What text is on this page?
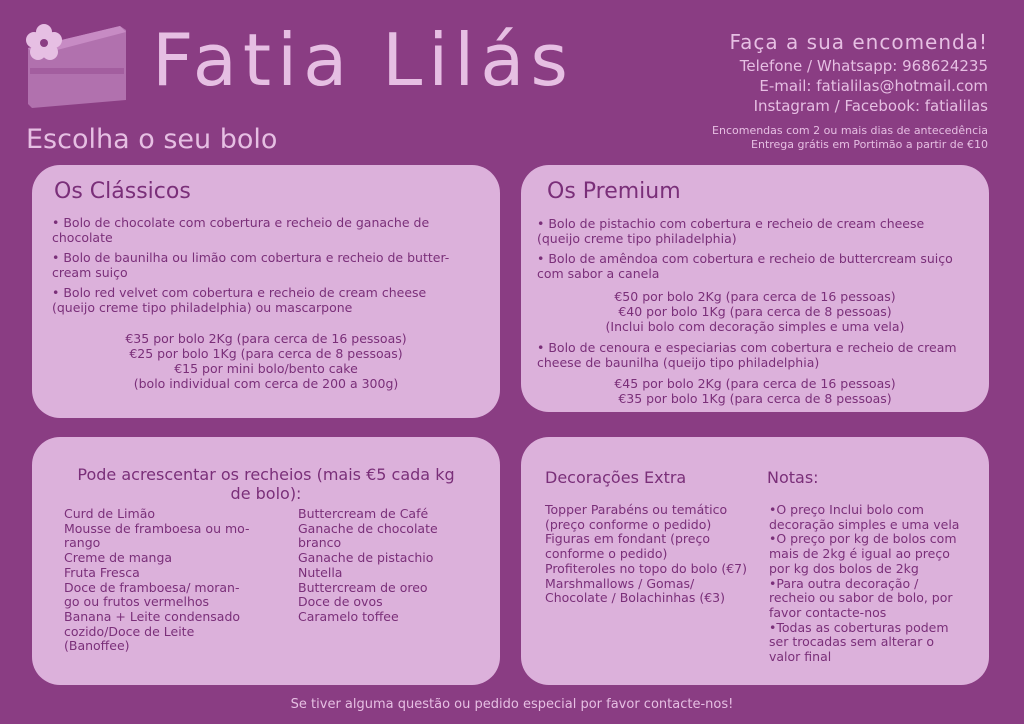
Fatia Lilás
Escolha o seu bolo
Faça a sua encomenda!
Telefone / Whatsapp: 968624235
E-mail: fatialilas@hotmail.com
Instagram / Facebook: fatialilas
Encomendas com 2 ou mais dias de antecedência
Entrega grátis em Portimão a partir de €10
Os Clássicos

• Bolo de chocolate com cobertura e recheio de ganache de chocolate

• Bolo de baunilha ou limão com cobertura e recheio de butter-cream suiço

• Bolo red velvet com cobertura e recheio de cream cheese (queijo creme tipo philadelphia) ou mascarpone

€35 por bolo 2Kg (para cerca de 16 pessoas)
€25 por bolo 1Kg (para cerca de 8 pessoas)
€15 por mini bolo/bento cake
(bolo individual com cerca de 200 a 300g)
Os Premium

• Bolo de pistachio com cobertura e recheio de cream cheese (queijo creme tipo philadelphia)

• Bolo de amêndoa com cobertura e recheio de buttercream suiço com sabor a canela

€50 por bolo 2Kg (para cerca de 16 pessoas)
€40 por bolo 1Kg (para cerca de 8 pessoas)
(Inclui bolo com decoração simples e uma vela)

• Bolo de cenoura e especiarias com cobertura e recheio de cream cheese de baunilha (queijo tipo philadelphia)

€45 por bolo 2Kg (para cerca de 16 pessoas)
€35 por bolo 1Kg (para cerca de 8 pessoas)
Pode acrescentar os recheios (mais €5 cada kg
de bolo):
Curd de Limão
Mousse de framboesa ou mo-
rango
Creme de manga
Fruta Fresca
Doce de framboesa/ moran-
go ou frutos vermelhos
Banana + Leite condensado
cozido/Doce de Leite
(Banoffee)
Buttercream de Café
Ganache de chocolate
branco
Ganache de pistachio
Nutella
Buttercream de oreo
Doce de ovos
Caramelo toffee
Decorações Extra
Topper Parabéns ou temático
(preço conforme o pedido)
Figuras em fondant (preço
conforme o pedido)
Profiteroles no topo do bolo (€7)
Marshmallows / Gomas/
Chocolate / Bolachinhas (€3)
Notas:
•O preço Inclui bolo com
decoração simples e uma vela
•O preço por kg de bolos com
mais de 2kg é igual ao preço
por kg dos bolos de 2kg
•Para outra decoração /
recheio ou sabor de bolo, por
favor contacte-nos
•Todas as coberturas podem
ser trocadas sem alterar o
valor final
Se tiver alguma questão ou pedido especial por favor contacte-nos!
